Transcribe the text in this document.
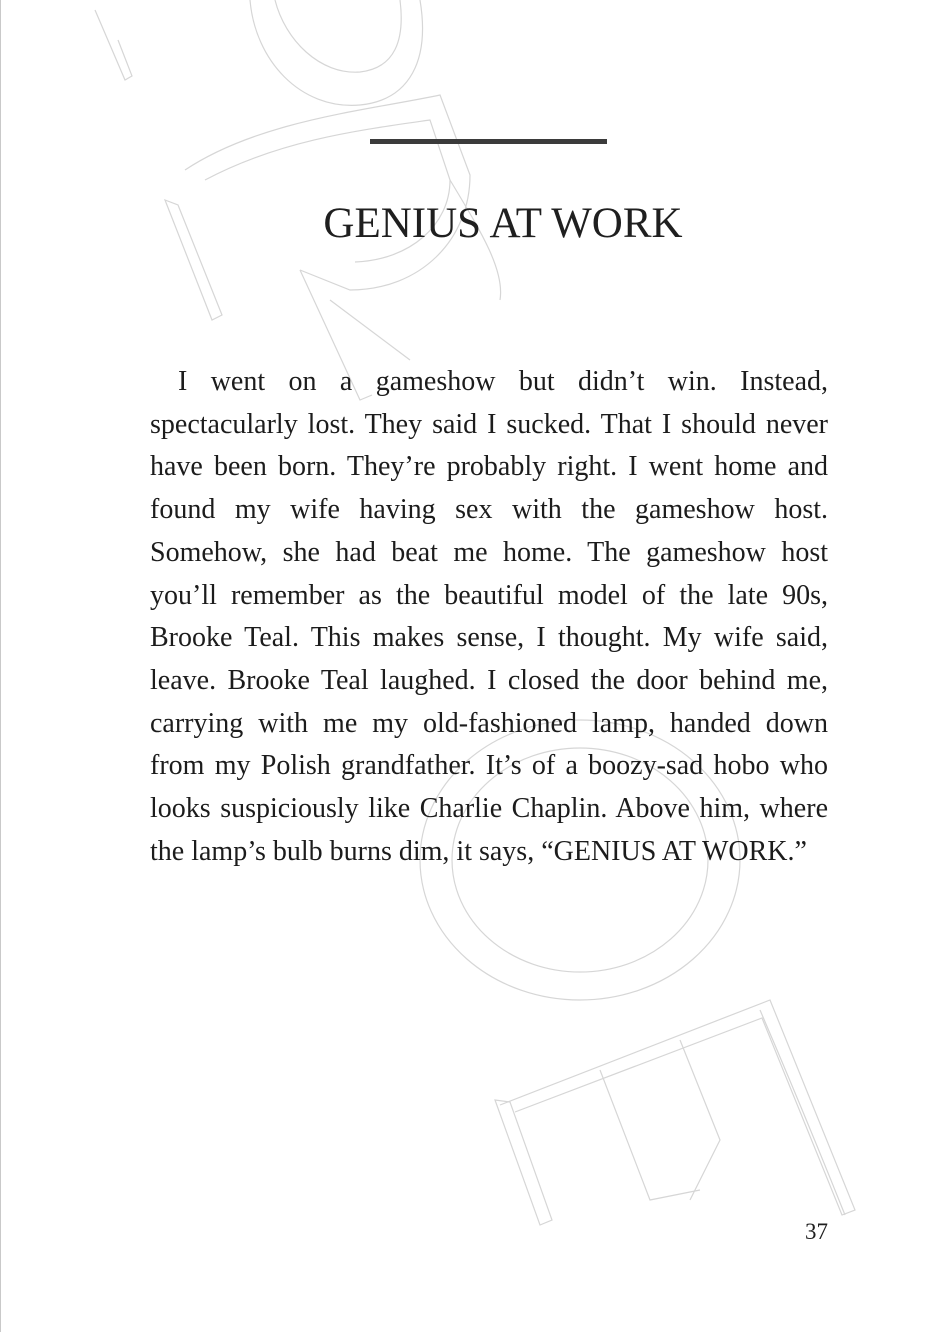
GENIUS AT WORK

I went on a gameshow but didn’t win. Instead, spectacularly lost. They said I sucked. That I should never have been born. They’re probably right. I went home and found my wife having sex with the gameshow host. Somehow, she had beat me home. The gameshow host you’ll remember as the beautiful model of the late 90s, Brooke Teal. This makes sense, I thought. My wife said, leave. Brooke Teal laughed. I closed the door behind me, carrying with me my old-fashioned lamp, handed down from my Polish grandfather. It’s of a boozy-sad hobo who looks suspiciously like Charlie Chaplin. Above him, where the lamp’s bulb burns dim, it says, “GENIUS AT WORK.”

37
